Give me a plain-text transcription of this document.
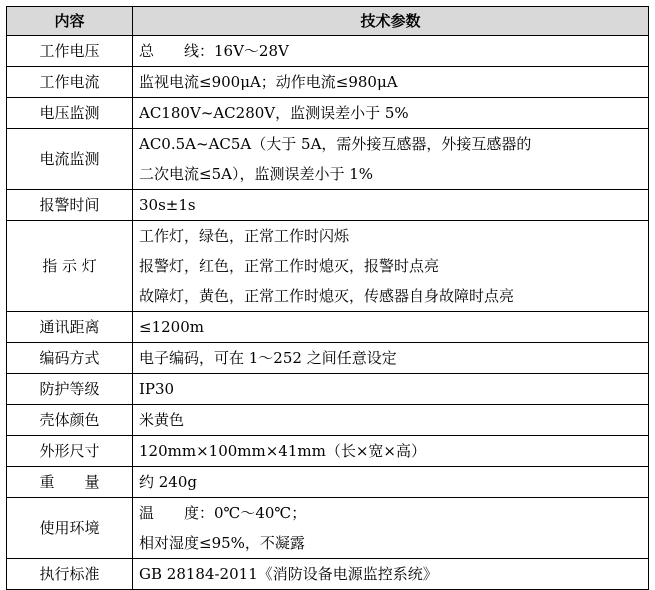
内容	技术参数
工作电压	总　　线：16V～28V

工作电流	监视电流≤900μA；动作电流≤980μA

电压监测	AC180V~AC280V，监测误差小于 5%

电流监测	AC0.5A~AC5A（大于 5A，需外接互感器，外接互感器的
二次电流≤5A），监测误差小于 1%

报警时间	30s±1s

指 示 灯	工作灯，绿色，正常工作时闪烁
报警灯，红色，正常工作时熄灭，报警时点亮
故障灯，黄色，正常工作时熄灭，传感器自身故障时点亮

通讯距离	≤1200m

编码方式	电子编码，可在 1～252 之间任意设定

防护等级	IP30

壳体颜色	米黄色

外形尺寸	120mm×100mm×41mm（长×宽×高）

重　　量	约 240g

使用环境	温　　度：0℃～40℃；
相对湿度≤95%，不凝露

执行标准	GB 28184-2011《消防设备电源监控系统》
